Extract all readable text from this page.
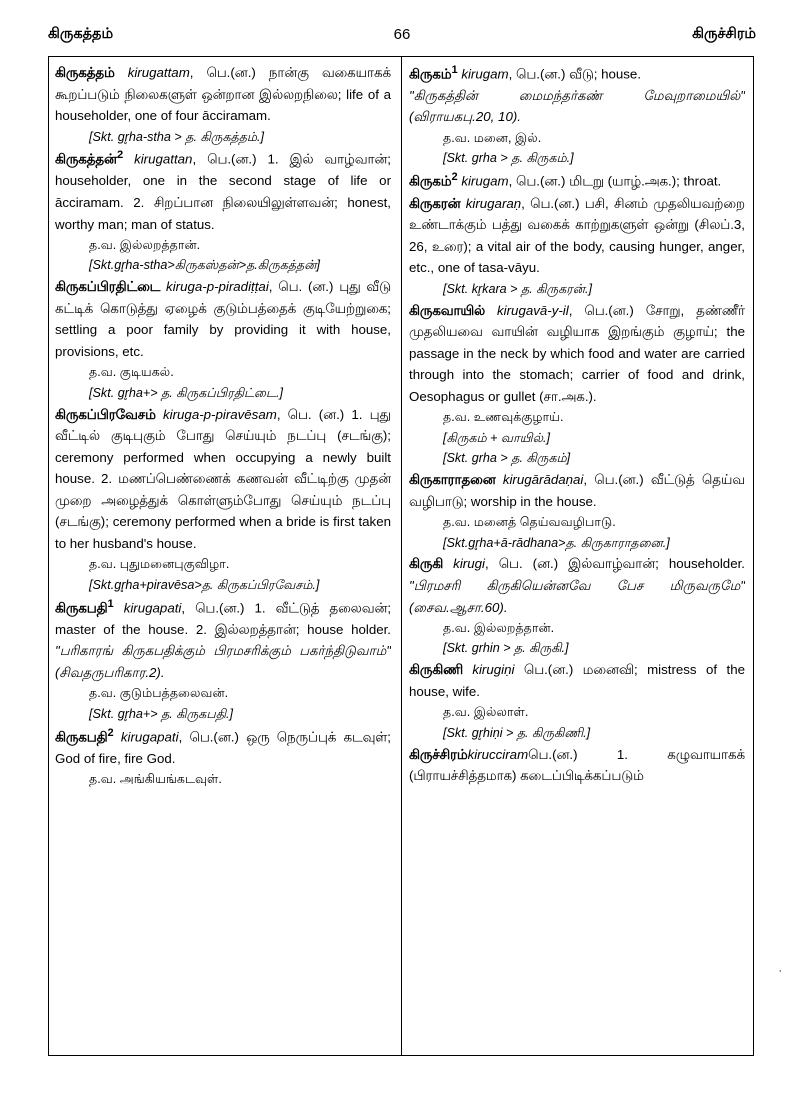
கிருகத்தம்	66	கிருச்சிரம்
கிருகத்தம் kirugattam, பெ.(ன.) நான்கு வகையாகக் கூறப்படும் நிலைகளுள் ஒன்றான இல்லறநிலை; life of a householder, one of four ācciramam.
[Skt. gr̥ha-stha > த. கிருகத்தம்.]
கிருகத்தன்$^2$ kirugattan, பெ.(ன.) 1. இல் வாழ்வான்; householder, one in the second stage of life or ācciramam. 2. சிறப்பான நிலையிலுள்ளவன்; honest, worthy man; man of status.
த.வ. இல்லறத்தான்.
[Skt.gr̥ha-stha>கிருகஸ்தன்>த.கிருகத்தன்]
கிருகப்பிரதிட்டை kiruga-p-piradiṭṭai, பெ. (ன.) புது வீடு கட்டிக் கொடுத்து ஏழைக் குடும்பத்தைக் குடியேற்றுகை; settling a poor family by providing it with house, provisions, etc.
த.வ. குடியகல்.
[Skt. gr̥ha+> த. கிருகப்பிரதிட்டை.]
கிருகப்பிரவேசம் kiruga-p-piravēsam, பெ. (ன.) 1. புது வீட்டில் குடிபுகும் போது செய்யும் நடப்பு (சடங்கு); ceremony performed when occupying a newly built house. 2. மணப்பெண்ணைக் கணவன் வீட்டிற்கு முதன் முறை அழைத்துக் கொள்ளும்போது செய்யும் நடப்பு (சடங்கு); ceremony performed when a bride is first taken to her husband's house.
த.வ. புதுமனைபுகுவிழா.
[Skt.gr̥ha+piravēsa>த. கிருகப்பிரவேசம்.]
கிருகபதி$^1$ kirugapati, பெ.(ன.) 1. வீட்டுத் தலைவன்; master of the house. 2. இல்லறத்தான்; house holder. "பரிகாரங் கிருகபதிக்கும் பிரமசரிக்கும் பகர்ந்திடுவாம்" (சிவதருபரிகார.2).
த.வ. குடும்பத்தலைவன்.
[Skt. gr̥ha+> த. கிருகபதி.]
கிருகபதி$^2$ kirugapati, பெ.(ன.) ஒரு நெருப்புக் கடவுள்; God of fire, fire God.
த.வ. அங்கியங்கடவுள்.
கிருகம்$^1$ kirugam, பெ.(ன.) வீடு; house.
"கிருகத்தின் மைமந்தர்கண் மேவுறாமையில்" (விராயகபு.20, 10).
த.வ. மனை, இல்.
[Skt. grha > த. கிருகம்.]
கிருகம்$^2$ kirugam, பெ.(ன.) மிடறு (யாழ்.அக.); throat.
கிருகரன் kirugaraṇ, பெ.(ன.) பசி, சினம் முதலியவற்றை உண்டாக்கும் பத்து வகைக் காற்றுகளுள் ஒன்று (சிலப்.3, 26, உரை); a vital air of the body, causing hunger, anger, etc., one of tasa-vāyu.
[Skt. kr̥kara > த. கிருகரன்.]
கிருகவாயில் kirugavā-y-il, பெ.(ன.) சோறு, தண்ணீர் முதலியவை வாயின் வழியாக இறங்கும் குழாய்; the passage in the neck by which food and water are carried through into the stomach; carrier of food and drink, Oesophagus or gullet (சா.அக.).
த.வ. உணவுக்குழாய்.
[கிருகம் + வாயில்.]
[Skt. grha > த. கிருகம்]
கிருகாராதனை kirugārādaṇai, பெ.(ன.) வீட்டுத் தெய்வ வழிபாடு; worship in the house.
த.வ. மனைத் தெய்வவழிபாடு.
[Skt.gr̥ha+ā-rādhana>த. கிருகாராதனை.]
கிருகி kirugi, பெ. (ன.) இல்வாழ்வான்; householder. "பிரமசரி கிருகியென்னவே பேச மிருவருமே" (சைவ.ஆசா.60).
த.வ. இல்லறத்தான்.
[Skt. grhin > த. கிருகி.]
கிருகிணி kirugiṇi பெ.(ன.) மனைவி; mistress of the house, wife.
த.வ. இல்லாள்.
[Skt. gr̥hiṇi > த. கிருகிணி.]
கிருச்சிரம்kirucciramபெ.(ன.)	1. கழுவாயாகக் (பிராயச்சித்தமாக) கடைப்பிடிக்கப்படும்
·
